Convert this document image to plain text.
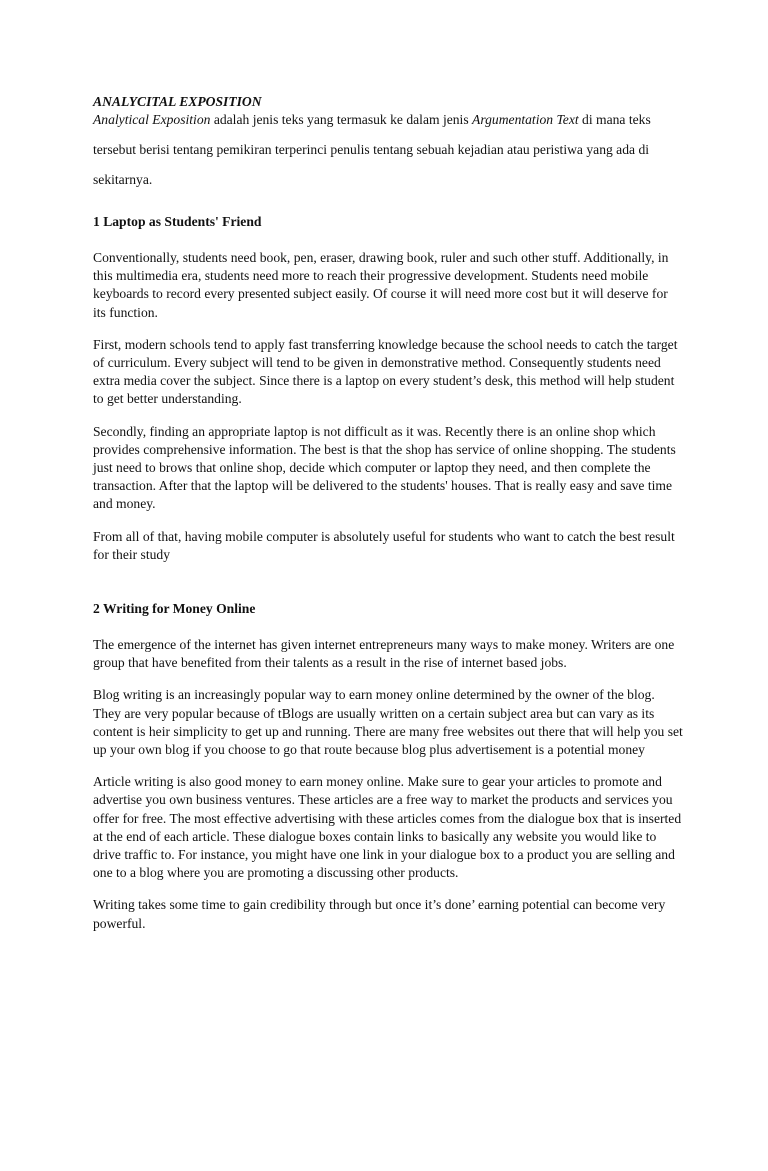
ANALYCITAL EXPOSITION

Analytical Exposition adalah jenis teks yang termasuk ke dalam jenis Argumentation Text di mana teks tersebut berisi tentang pemikiran terperinci penulis tentang sebuah kejadian atau peristiwa yang ada di sekitarnya.

1 Laptop as Students' Friend

Conventionally, students need book, pen, eraser, drawing book, ruler and such other stuff. Additionally, in this multimedia era, students need more to reach their progressive development. Students need mobile keyboards to record every presented subject easily. Of course it will need more cost but it will deserve for its function.

First, modern schools tend to apply fast transferring knowledge because the school needs to catch the target of curriculum. Every subject will tend to be given in demonstrative method. Consequently students need extra media cover the subject. Since there is a laptop on every student’s desk, this method will help student to get better understanding.

Secondly, finding an appropriate laptop is not difficult as it was. Recently there is an online shop which provides comprehensive information. The best is that the shop has service of online shopping. The students just need to brows that online shop, decide which computer or laptop they need, and then complete the transaction. After that the laptop will be delivered to the students' houses. That is really easy and save time and money.

From all of that, having mobile computer is absolutely useful for students who want to catch the best result for their study

2 Writing for Money Online

The emergence of the internet has given internet entrepreneurs many ways to make money. Writers are one group that have benefited from their talents as a result in the rise of internet based jobs.

Blog writing is an increasingly popular way to earn money online determined by the owner of the blog. They are very popular because of tBlogs are usually written on a certain subject area but can vary as its content is heir simplicity to get up and running. There are many free websites out there that will help you set up your own blog if you choose to go that route because blog plus advertisement is a potential money

Article writing is also good money to earn money online. Make sure to gear your articles to promote and advertise you own business ventures. These articles are a free way to market the products and services you offer for free. The most effective advertising with these articles comes from the dialogue box that is inserted at the end of each article. These dialogue boxes contain links to basically any website you would like to drive traffic to. For instance, you might have one link in your dialogue box to a product you are selling and one to a blog where you are promoting a discussing other products.

Writing takes some time to gain credibility through but once it’s done’ earning potential can become very powerful.
